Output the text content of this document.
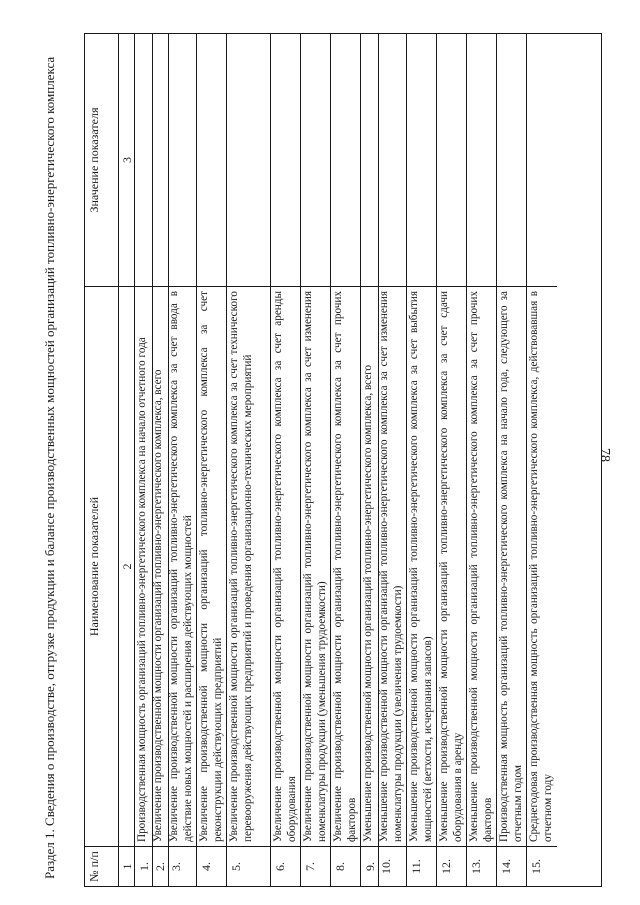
78
Раздел 1. Сведения о производстве, отгрузке продукции и балансе производственных мощностей организаций топливно-энергетического комплекса	№ п/п
Наименование показателей
Значение показателя
1
2
3
1.
Производственная мощность организаций топливно-энергетического комплекса на начало отчетного года
2.
Увеличение производственной мощности организаций топливно-энергетического комплекса, всего
3.
Увеличение производственной мощности организаций топливно-энергетического комплекса за счет ввода в действие новых мощностей и расширения действующих мощностей
4.
Увеличение производственной мощности организаций топливно-энергетического комплекса за счет реконструкции действующих предприятий
5.
Увеличение производственной мощности организаций топливно-энергетического комплекса за счет технического перевооружения действующих предприятий и проведения организационно-технических мероприятий
6.
Увеличение производственной мощности организаций топливно-энергетического комплекса за счет аренды оборудования
7.
Увеличение производственной мощности организаций топливно-энергетического комплекса за счет изменения номенклатуры продукции (уменьшения трудоемкости)
8.
Увеличение производственной мощности организаций топливно-энергетического комплекса за счет прочих факторов
9.
Уменьшение производственной мощности организаций топливно-энергетического комплекса, всего
10.
Уменьшение производственной мощности организаций топливно-энергетического комплекса за счет изменения номенклатуры продукции (увеличения трудоемкости)
11.
Уменьшение производственной мощности организаций топливно-энергетического комплекса за счет выбытия мощностей (ветхости, исчерпания запасов)
12.
Уменьшение производственной мощности организаций топливно-энергетического комплекса за счет сдачи оборудования в аренду
13.
Уменьшение производственной мощности организаций топливно-энергетического комплекса за счет прочих факторов
14.
Производственная мощность организаций топливно-энергетического комплекса на начало года, следующего за отчетным годом
15.
Среднегодовая производственная мощность организаций топливно-энергетического комплекса, действовавшая в отчетном году
